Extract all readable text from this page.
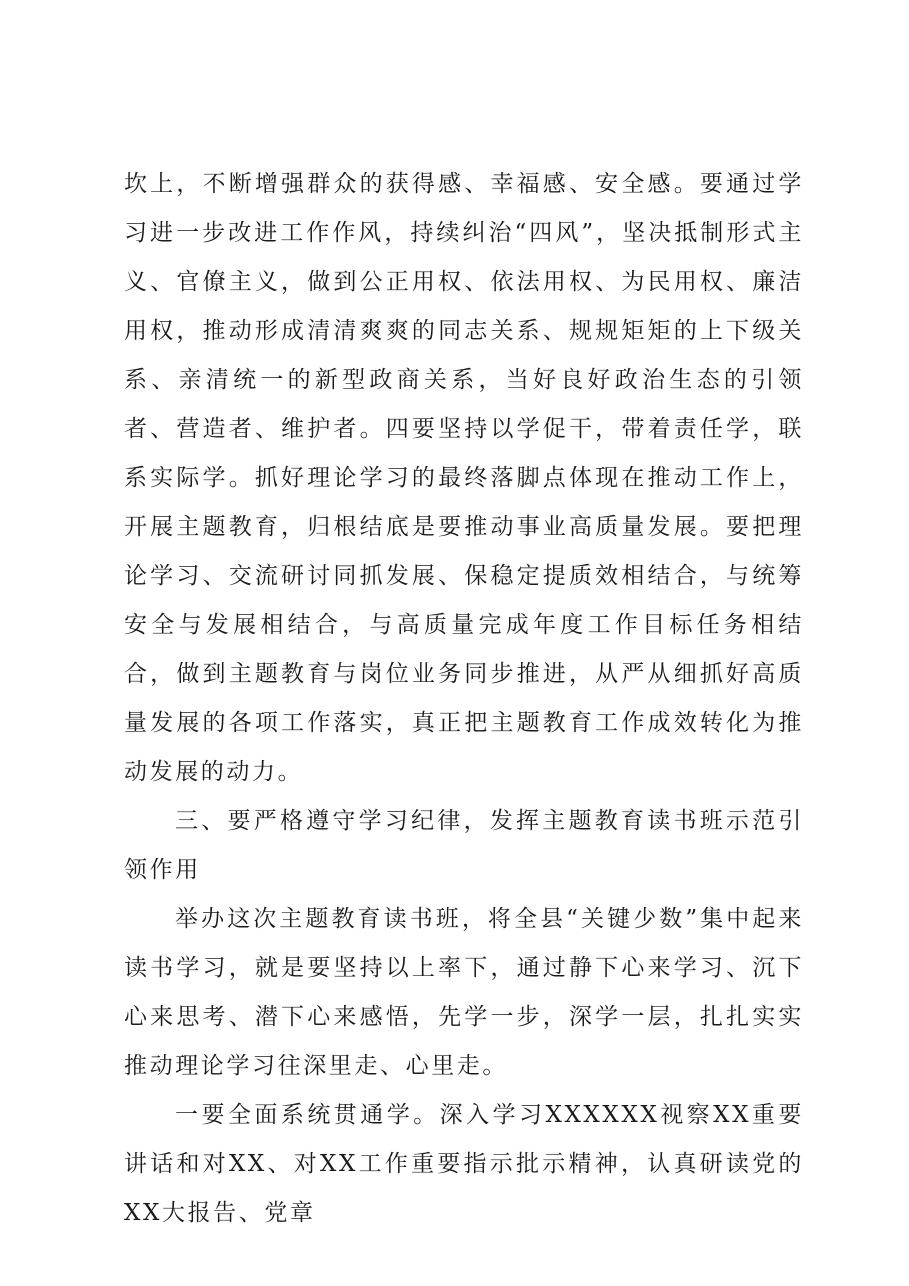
坎上，不断增强群众的获得感、幸福感、安全感。要通过学习进一步改进工作作风，持续纠治“四风”，坚决抵制形式主义、官僚主义，做到公正用权、依法用权、为民用权、廉洁用权，推动形成清清爽爽的同志关系、规规矩矩的上下级关系、亲清统一的新型政商关系，当好良好政治生态的引领者、营造者、维护者。四要坚持以学促干，带着责任学，联系实际学。抓好理论学习的最终落脚点体现在推动工作上，开展主题教育，归根结底是要推动事业高质量发展。要把理论学习、交流研讨同抓发展、保稳定提质效相结合，与统筹安全与发展相结合，与高质量完成年度工作目标任务相结合，做到主题教育与岗位业务同步推进，从严从细抓好高质量发展的各项工作落实，真正把主题教育工作成效转化为推动发展的动力。

三、要严格遵守学习纪律，发挥主题教育读书班示范引领作用

举办这次主题教育读书班，将全县“关键少数”集中起来读书学习，就是要坚持以上率下，通过静下心来学习、沉下心来思考、潜下心来感悟，先学一步，深学一层，扎扎实实推动理论学习往深里走、心里走。

一要全面系统贯通学。深入学习XXXXXX视察XX重要讲话和对XX、对XX工作重要指示批示精神，认真研读党的XX大报告、党章
